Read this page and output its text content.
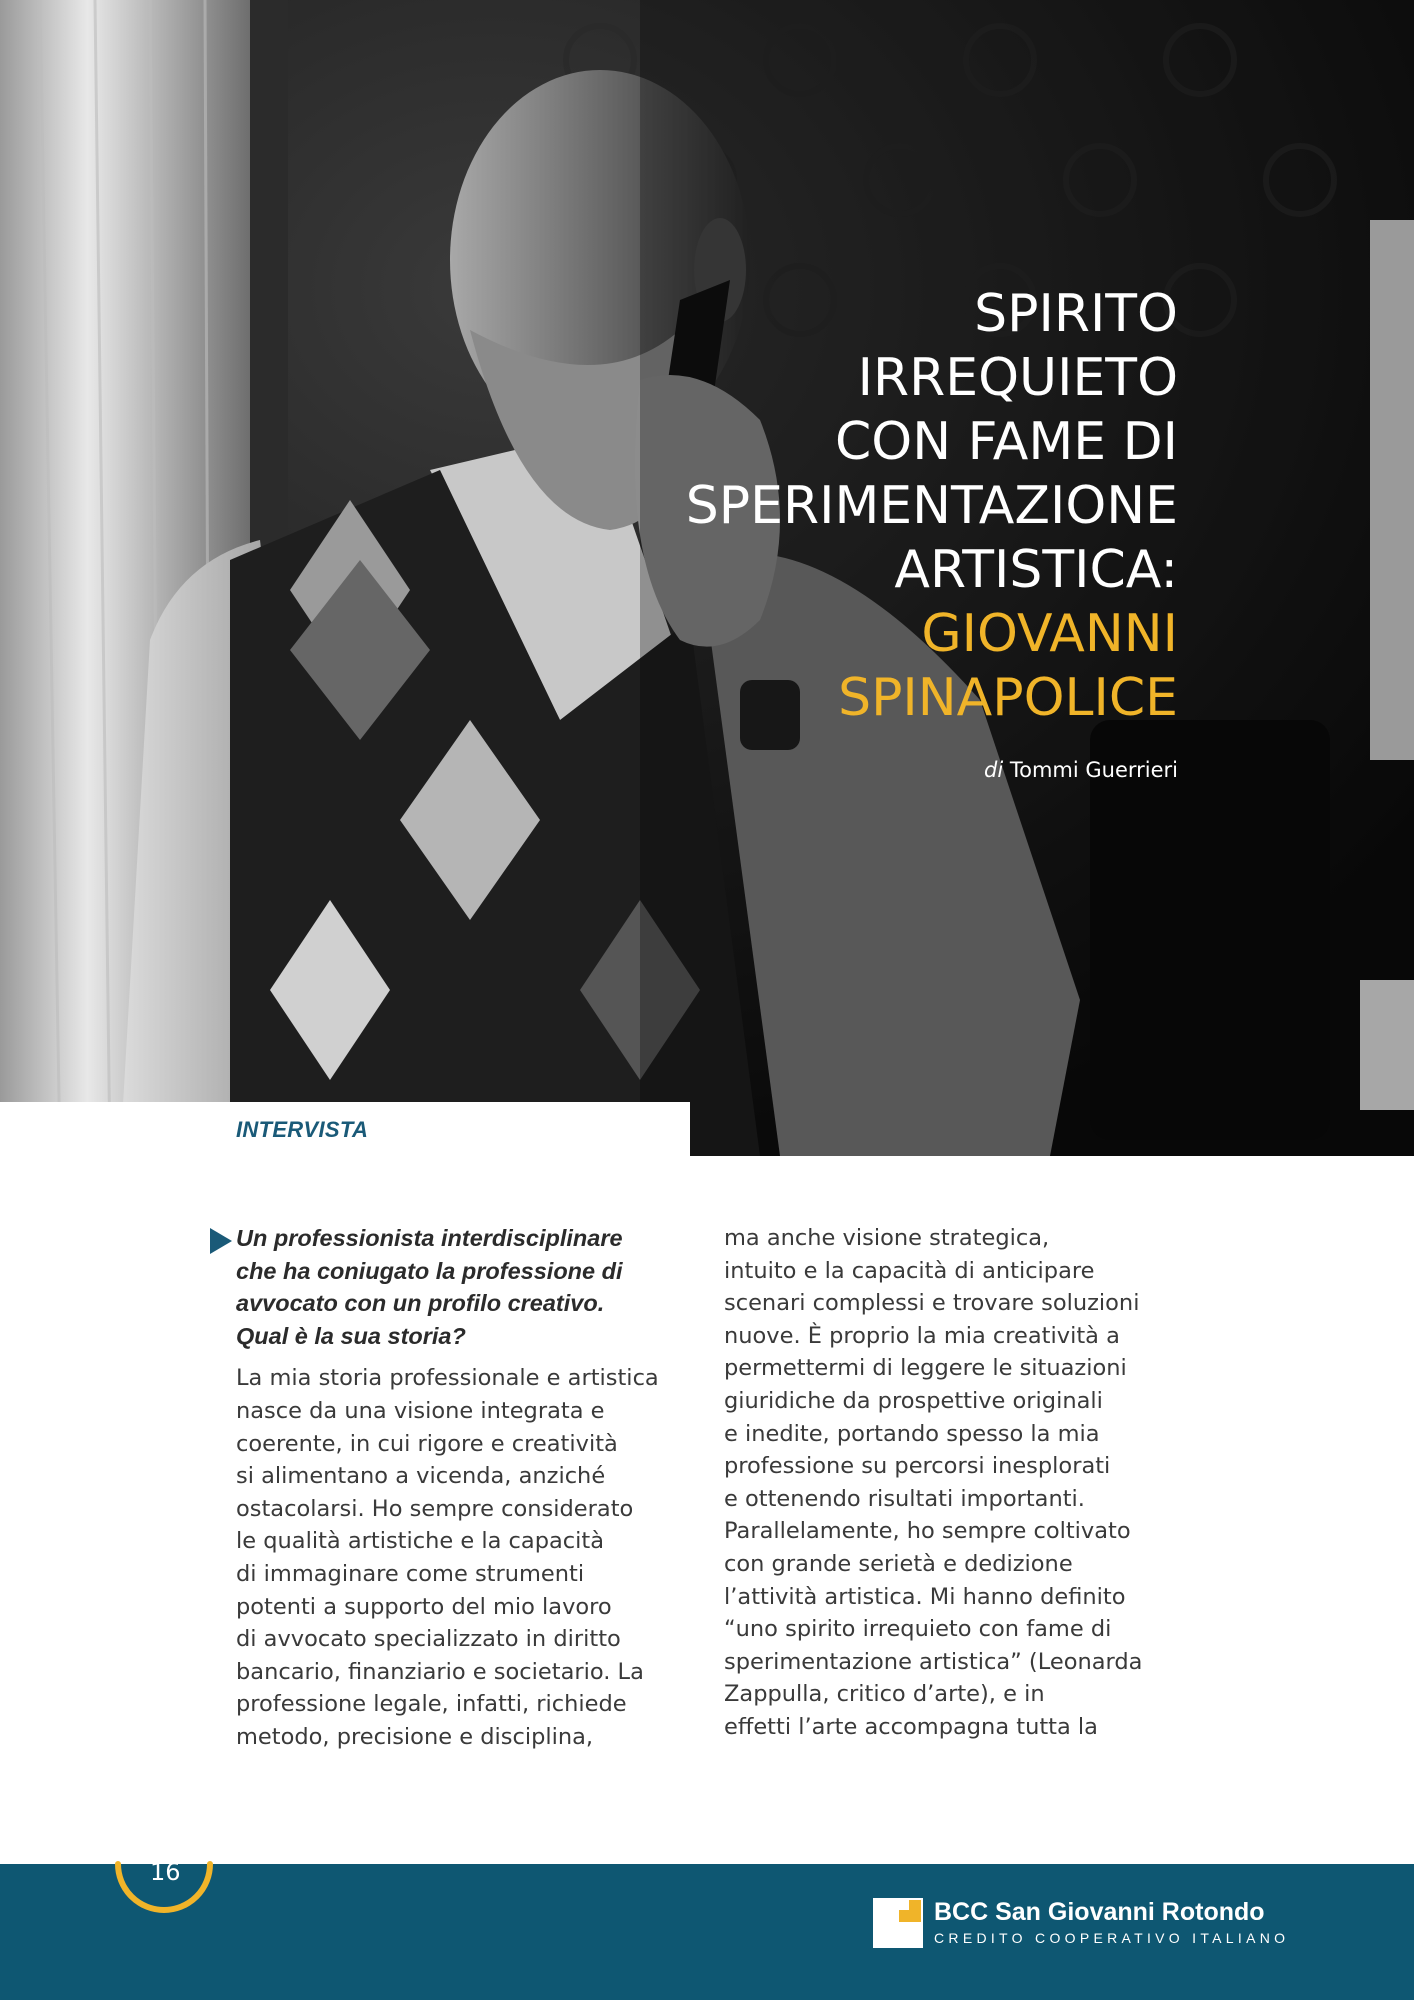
SPIRITO
IRREQUIETO
CON FAME DI
SPERIMENTAZIONE
ARTISTICA:
GIOVANNI
SPINAPOLICE
di Tommi Guerrieri
INTERVISTA
Un professionista interdisciplinare
che ha coniugato la professione di
avvocato con un profilo creativo.
Qual è la sua storia?
La mia storia professionale e artistica
nasce da una visione integrata e
coerente, in cui rigore e creatività
si alimentano a vicenda, anziché
ostacolarsi. Ho sempre considerato
le qualità artistiche e la capacità
di immaginare come strumenti
potenti a supporto del mio lavoro
di avvocato specializzato in diritto
bancario, finanziario e societario. La
professione legale, infatti, richiede
metodo, precisione e disciplina,
ma anche visione strategica,
intuito e la capacità di anticipare
scenari complessi e trovare soluzioni
nuove. È proprio la mia creatività a
permettermi di leggere le situazioni
giuridiche da prospettive originali
e inedite, portando spesso la mia
professione su percorsi inesplorati
e ottenendo risultati importanti.
Parallelamente, ho sempre coltivato
con grande serietà e dedizione
l’attività artistica. Mi hanno definito
“uno spirito irrequieto con fame di
sperimentazione artistica” (Leonarda
Zappulla, critico d’arte), e in
effetti l’arte accompagna tutta la
16
BCC San Giovanni Rotondo
CREDITO COOPERATIVO ITALIANO
